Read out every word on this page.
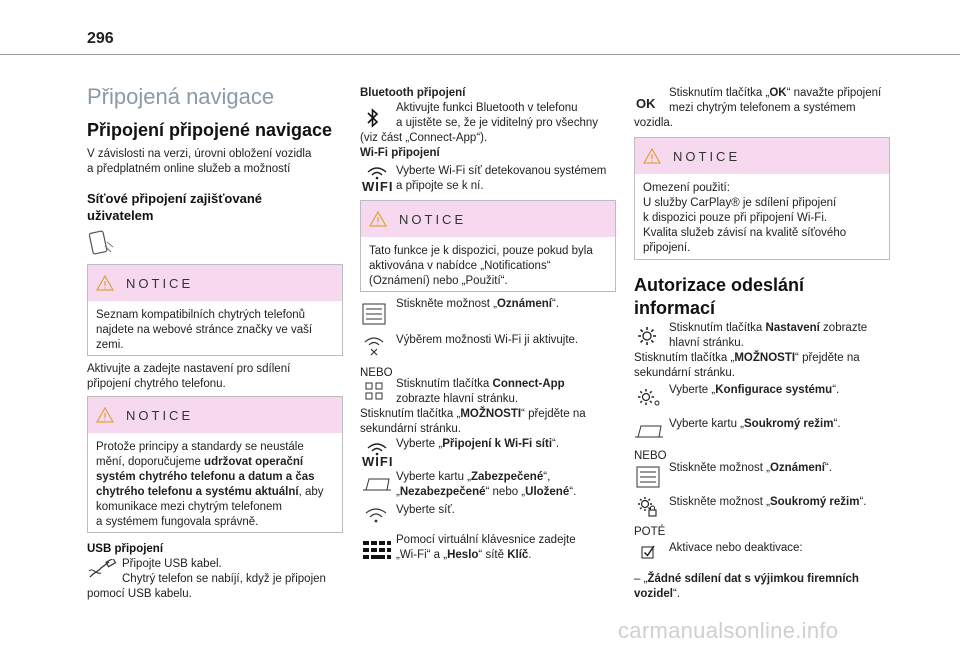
296
Připojená navigace
Připojení připojené navigace
V závislosti na verzi, úrovni obložení vozidla
a předplatném online služeb a možností
Síťové připojení zajišťované
uživatelem
NOTICE
Seznam kompatibilních chytrých telefonů
najdete na webové stránce značky ve vaší
zemi.
Aktivujte a zadejte nastavení pro sdílení
připojení chytrého telefonu.
NOTICE
Protože principy a standardy se neustále
mění, doporučujeme udržovat operační
systém chytrého telefonu a datum a čas
chytrého telefonu a systému aktuální, aby
komunikace mezi chytrým telefonem
a systémem fungovala správně.
USB připojení
Připojte USB kabel.
Chytrý telefon se nabíjí, když je připojen
pomocí USB kabelu.
Bluetooth připojení
Aktivujte funkci Bluetooth v telefonu
a ujistěte se, že je viditelný pro všechny
(viz část „Connect-App“).
Wi-Fi připojení
WIFI
Vyberte Wi-Fi síť detekovanou systémem
a připojte se k ní.
NOTICE
Tato funkce je k dispozici, pouze pokud byla
aktivována v nabídce „Notifications“
(Oznámení) nebo „Použití“.
Stiskněte možnost „Oznámení“.
Výběrem možnosti Wi-Fi ji aktivujte.
NEBO
Stisknutím tlačítka Connect-App
zobrazte hlavní stránku.
Stisknutím tlačítka „MOŽNOSTI“ přejděte na
sekundární stránku.
WIFI
Vyberte „Připojení k Wi-Fi síti“.
Vyberte kartu „Zabezpečené“,
„Nezabezpečené“ nebo „Uložené“.
Vyberte síť.
Pomocí virtuální klávesnice zadejte
„Wi-Fi“ a „Heslo“ sítě Klíč.
OK
Stisknutím tlačítka „OK“ navažte připojení
mezi chytrým telefonem a systémem
vozidla.
NOTICE
Omezení použití:
U služby CarPlay® je sdílení připojení
k dispozici pouze při připojení Wi-Fi.
Kvalita služeb závisí na kvalitě síťového
připojení.
Autorizace odeslání
informací
Stisknutím tlačítka Nastavení zobrazte
hlavní stránku.
Stisknutím tlačítka „MOŽNOSTI“ přejděte na
sekundární stránku.
Vyberte „Konfigurace systému“.
Vyberte kartu „Soukromý režim“.
NEBO
Stiskněte možnost „Oznámení“.
Stiskněte možnost „Soukromý režim“.
POTÉ
Aktivace nebo deaktivace:
– „Žádné sdílení dat s výjimkou firemních
vozidel“.
carmanualsonline.info
